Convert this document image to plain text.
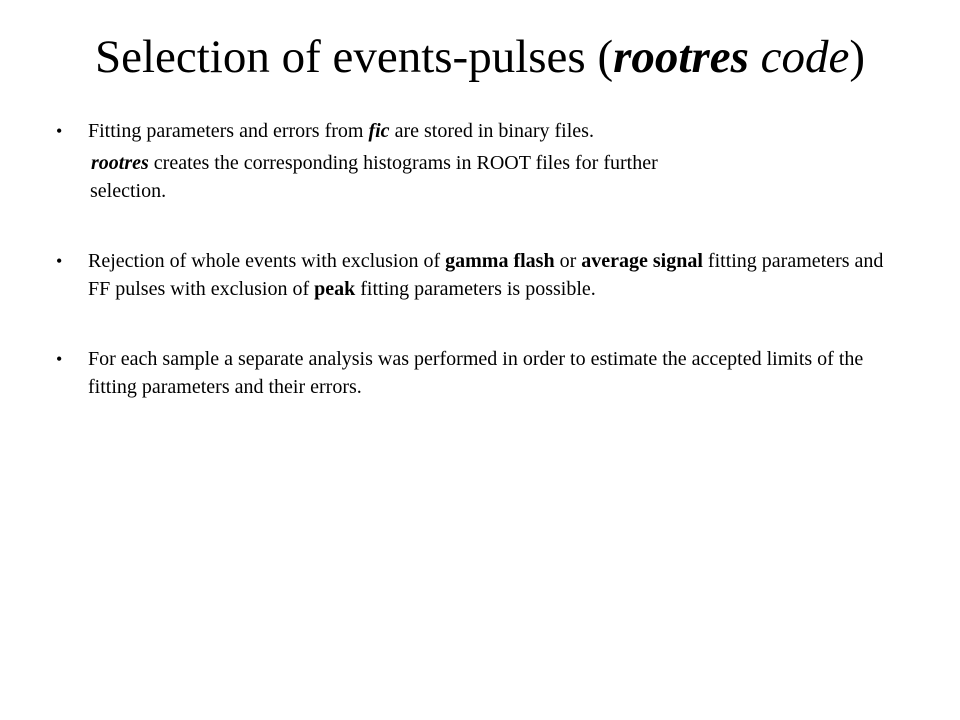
Selection of events-pulses (rootres code)
• Fitting parameters and errors from fic are stored in binary files.
rootres creates the corresponding histograms in ROOT files for further
selection.
• Rejection of whole events with exclusion of gamma flash or average signal fitting parameters and FF pulses with exclusion of peak fitting parameters is possible.
• For each sample a separate analysis was performed in order to estimate the accepted limits of the fitting parameters and their errors.
